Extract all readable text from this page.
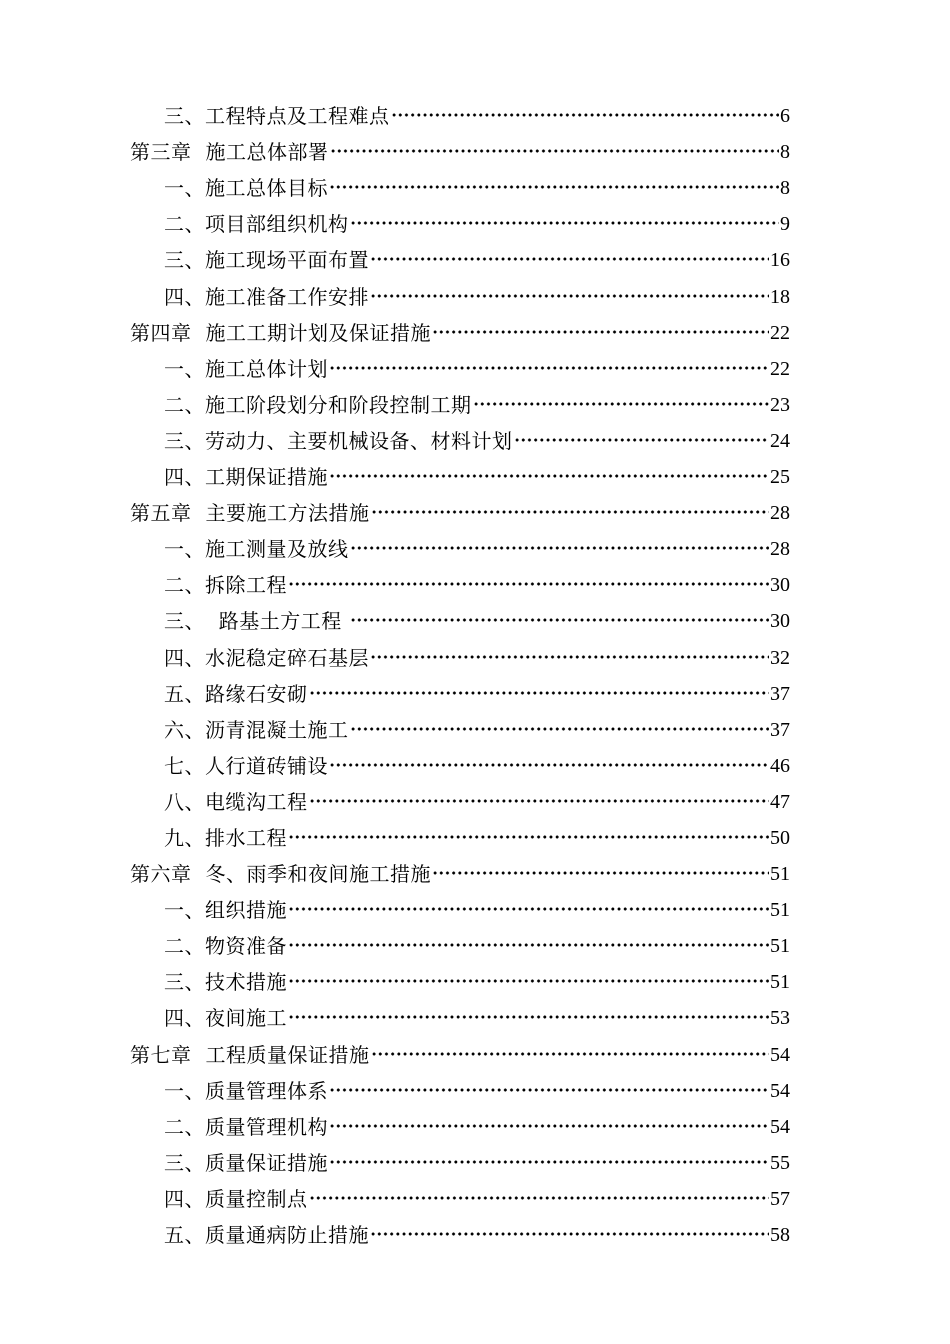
三、工程特点及工程难点	6
第三章 施工总体部署	8
一、施工总体目标	8
二、项目部组织机构	9
三、施工现场平面布置	16
四、施工准备工作安排	18
第四章 施工工期计划及保证措施	22
一、施工总体计划	22
二、施工阶段划分和阶段控制工期	23
三、劳动力、主要机械设备、材料计划	24
四、工期保证措施	25
第五章 主要施工方法措施	28
一、施工测量及放线	28
二、拆除工程	30
三、  路基土方工程	30
四、水泥稳定碎石基层	32
五、路缘石安砌	37
六、沥青混凝土施工	37
七、人行道砖铺设	46
八、电缆沟工程	47
九、排水工程	50
第六章 冬、雨季和夜间施工措施	51
一、组织措施	51
二、物资准备	51
三、技术措施	51
四、夜间施工	53
第七章 工程质量保证措施	54
一、质量管理体系	54
二、质量管理机构	54
三、质量保证措施	55
四、质量控制点	57
五、质量通病防止措施	58
